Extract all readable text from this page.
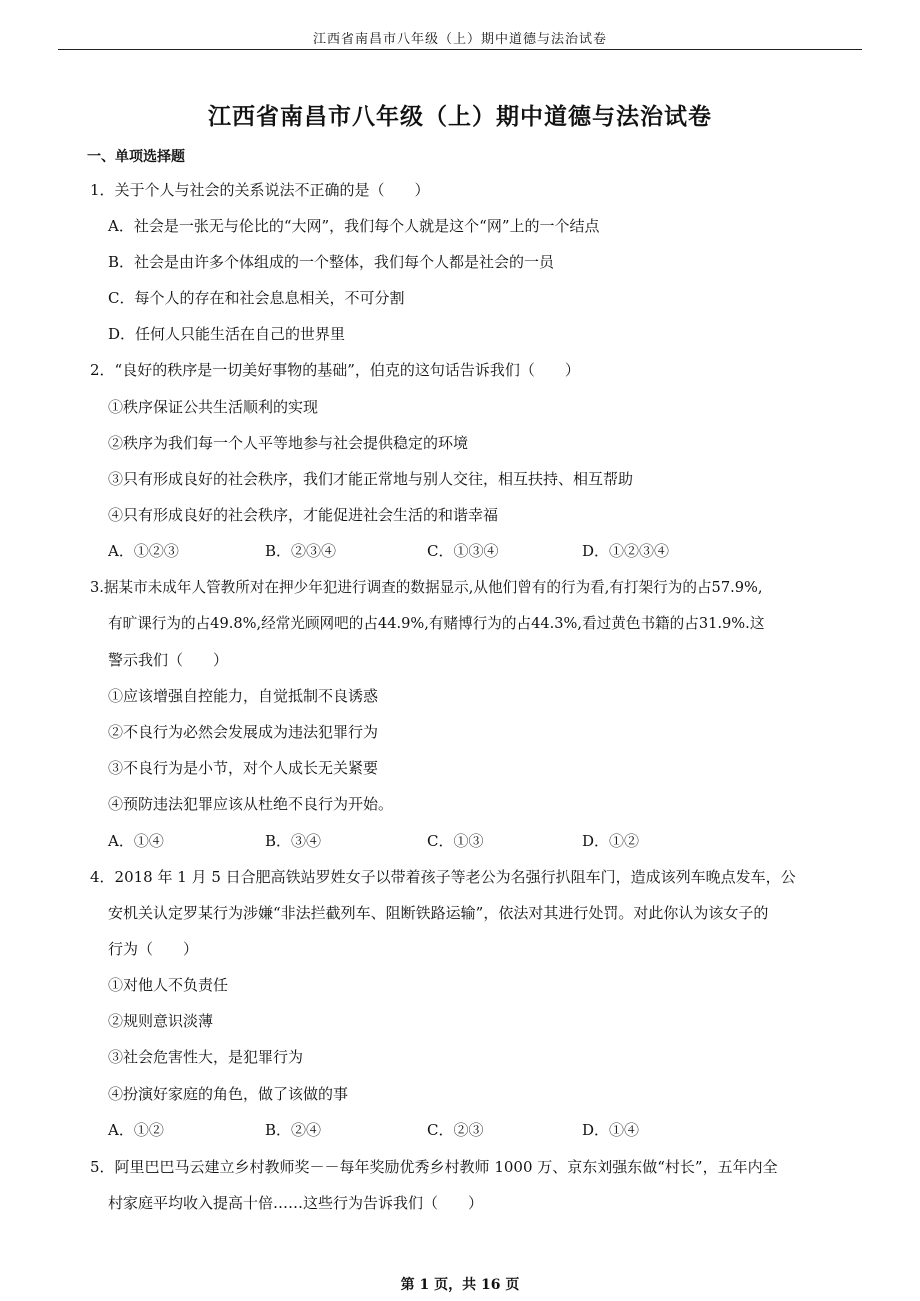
江西省南昌市八年级（上）期中道德与法治试卷
江西省南昌市八年级（上）期中道德与法治试卷
一、单项选择题
1．关于个人与社会的关系说法不正确的是（　　）
A．社会是一张无与伦比的“大网”，我们每个人就是这个“网”上的一个结点
B．社会是由许多个体组成的一个整体，我们每个人都是社会的一员
C．每个人的存在和社会息息相关，不可分割
D．任何人只能生活在自己的世界里
2．“良好的秩序是一切美好事物的基础”，伯克的这句话告诉我们（　　）
①秩序保证公共生活顺利的实现
②秩序为我们每一个人平等地参与社会提供稳定的环境
③只有形成良好的社会秩序，我们才能正常地与别人交往，相互扶持、相互帮助
④只有形成良好的社会秩序，才能促进社会生活的和谐幸福
A．①②③	B．②③④	C．①③④	D．①②③④
3.据某市未成年人管教所对在押少年犯进行调查的数据显示,从他们曾有的行为看,有打架行为的占57.9%,
有旷课行为的占49.8%,经常光顾网吧的占44.9%,有赌博行为的占44.3%,看过黄色书籍的占31.9%.这
警示我们（　　）
①应该增强自控能力，自觉抵制不良诱惑
②不良行为必然会发展成为违法犯罪行为
③不良行为是小节，对个人成长无关紧要
④预防违法犯罪应该从杜绝不良行为开始。
A．①④	B．③④	C．①③	D．①②
4．2018 年 1 月 5 日合肥高铁站罗姓女子以带着孩子等老公为名强行扒阻车门，造成该列车晚点发车，公
安机关认定罗某行为涉嫌“非法拦截列车、阻断铁路运输”，依法对其进行处罚。对此你认为该女子的
行为（　　）
①对他人不负责任
②规则意识淡薄
③社会危害性大，是犯罪行为
④扮演好家庭的角色，做了该做的事
A．①②	B．②④	C．②③	D．①④
5．阿里巴巴马云建立乡村教师奖－－每年奖励优秀乡村教师 1000 万、京东刘强东做“村长”，五年内全
村家庭平均收入提高十倍……这些行为告诉我们（　　）
第 1 页，共 16 页
